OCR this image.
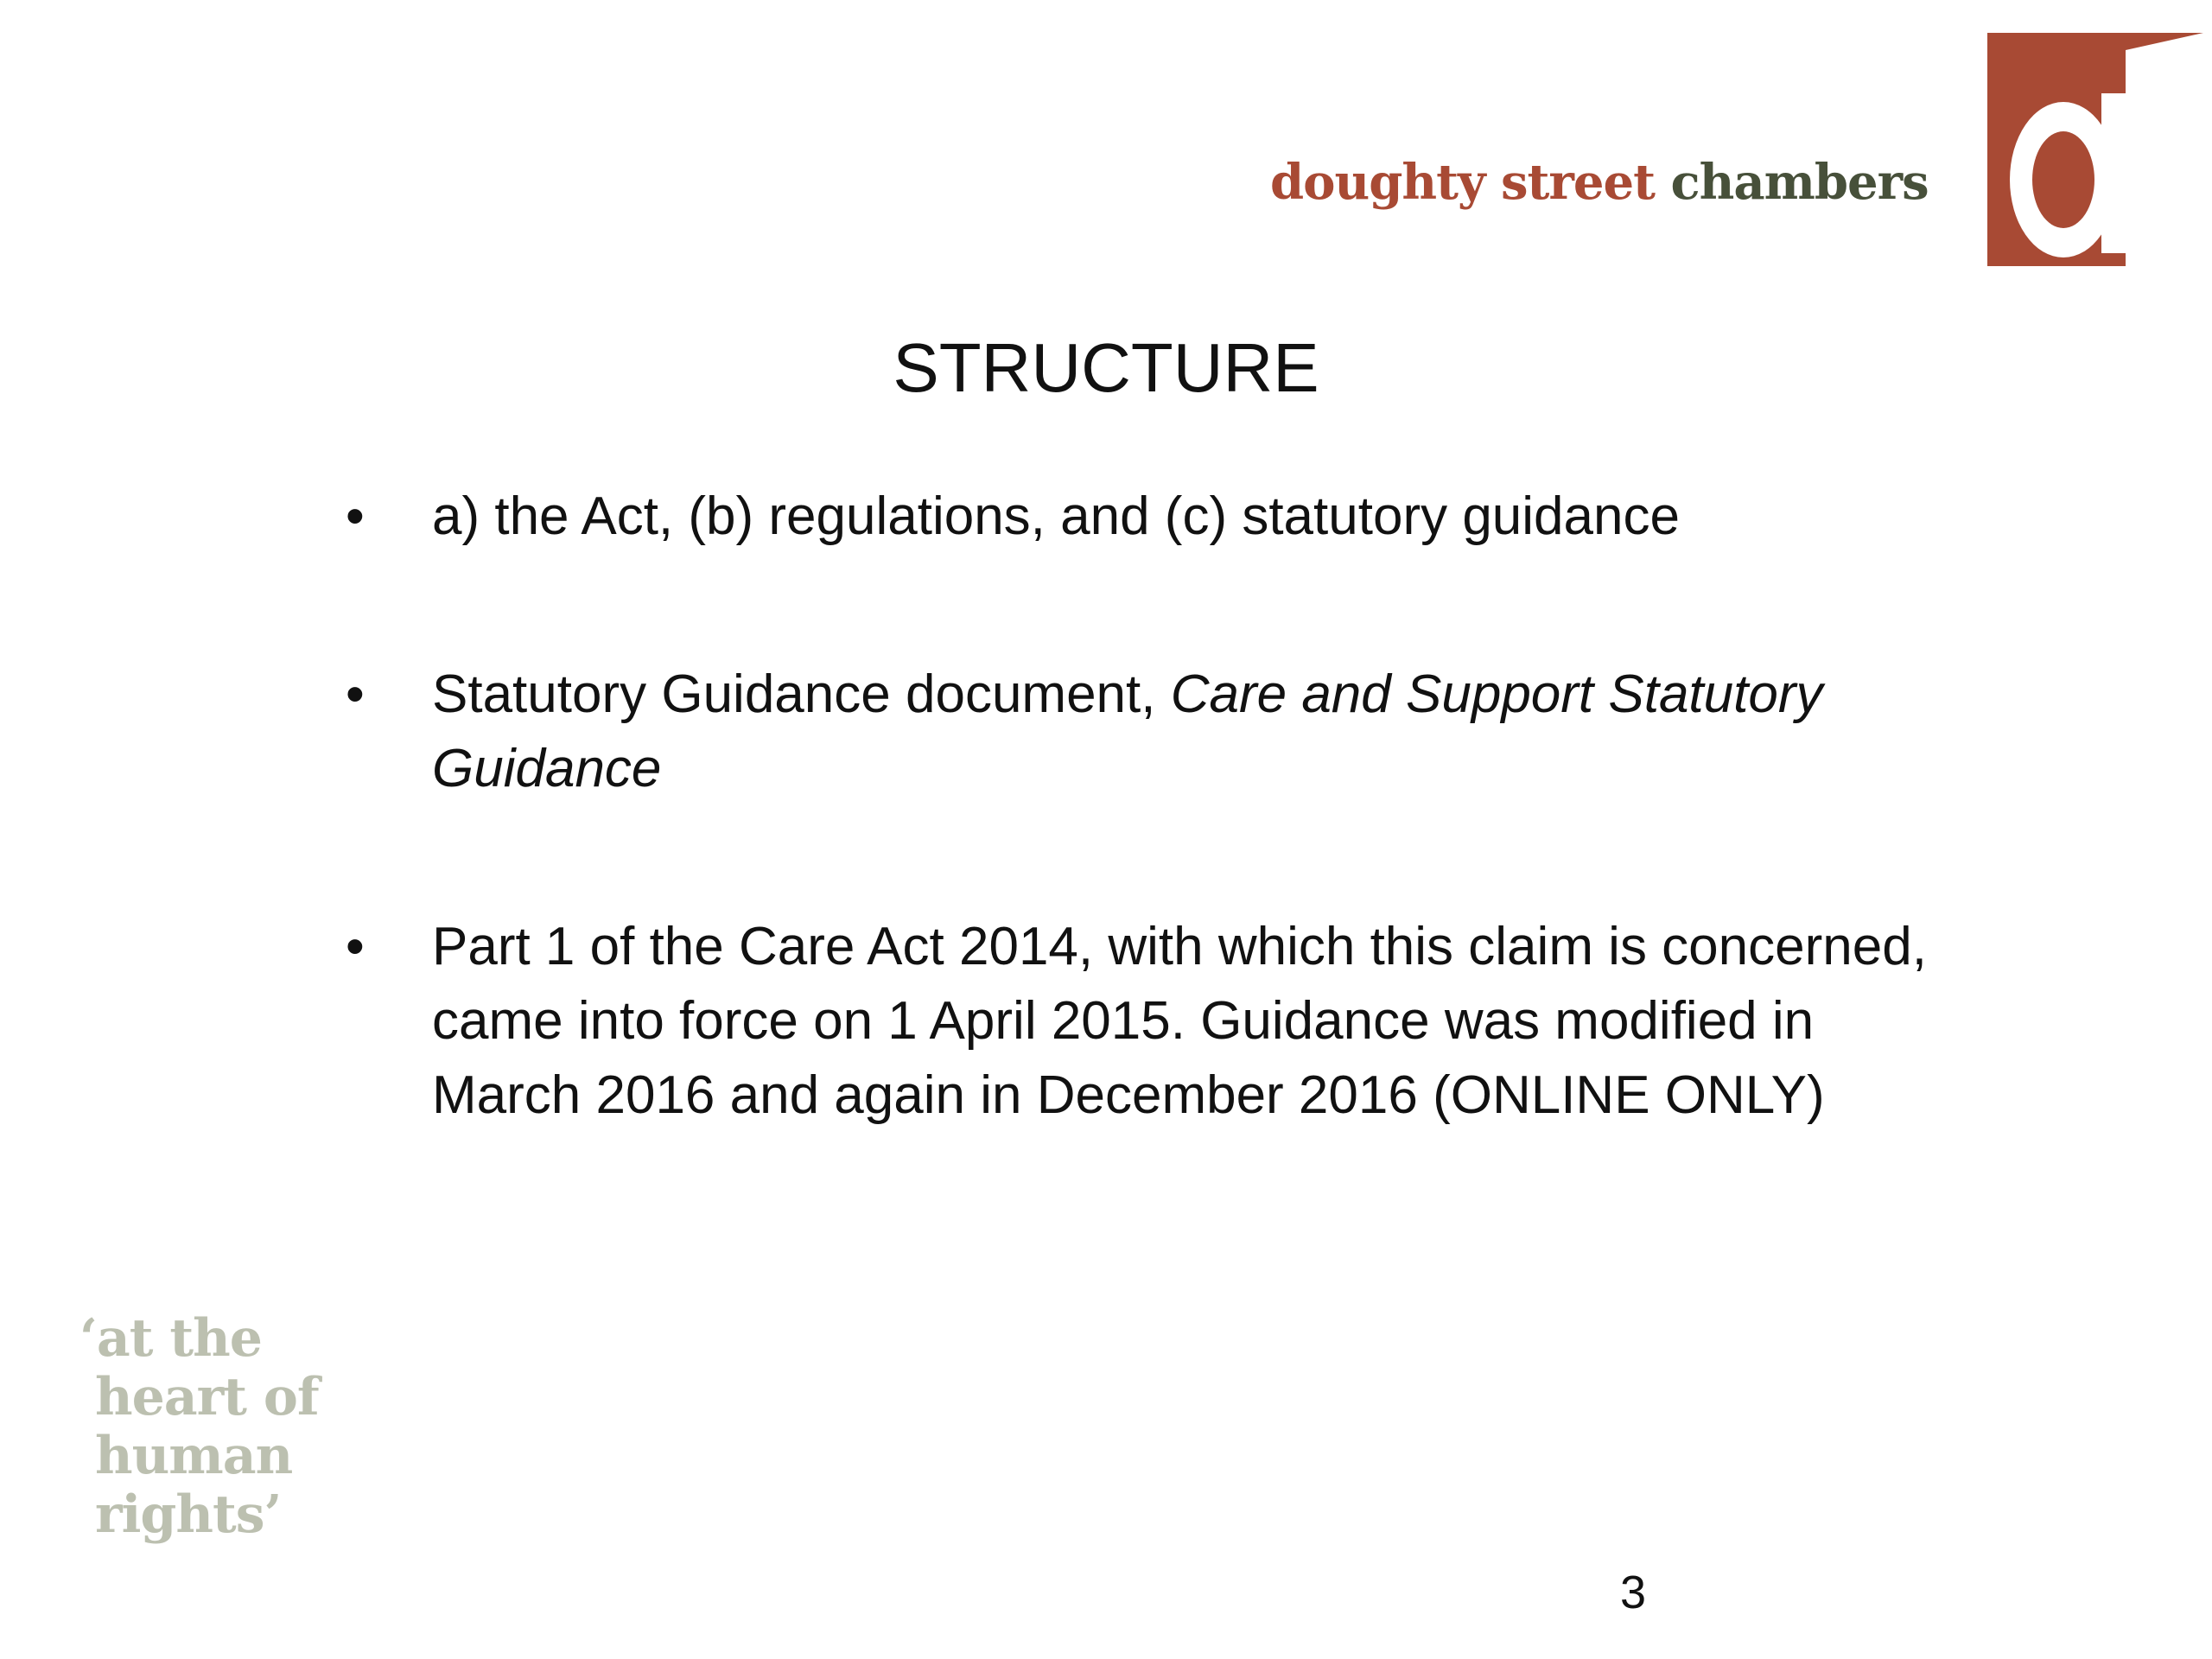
doughty street chambers
STRUCTURE
• a) the Act, (b) regulations, and (c) statutory guidance
• Statutory Guidance document, Care and Support Statutory Guidance
• Part 1 of the Care Act 2014, with which this claim is concerned, came into force on 1 April 2015. Guidance was modified in March 2016 and again in December 2016 (ONLINE ONLY)
‘at the
heart of
human
rights’
3
